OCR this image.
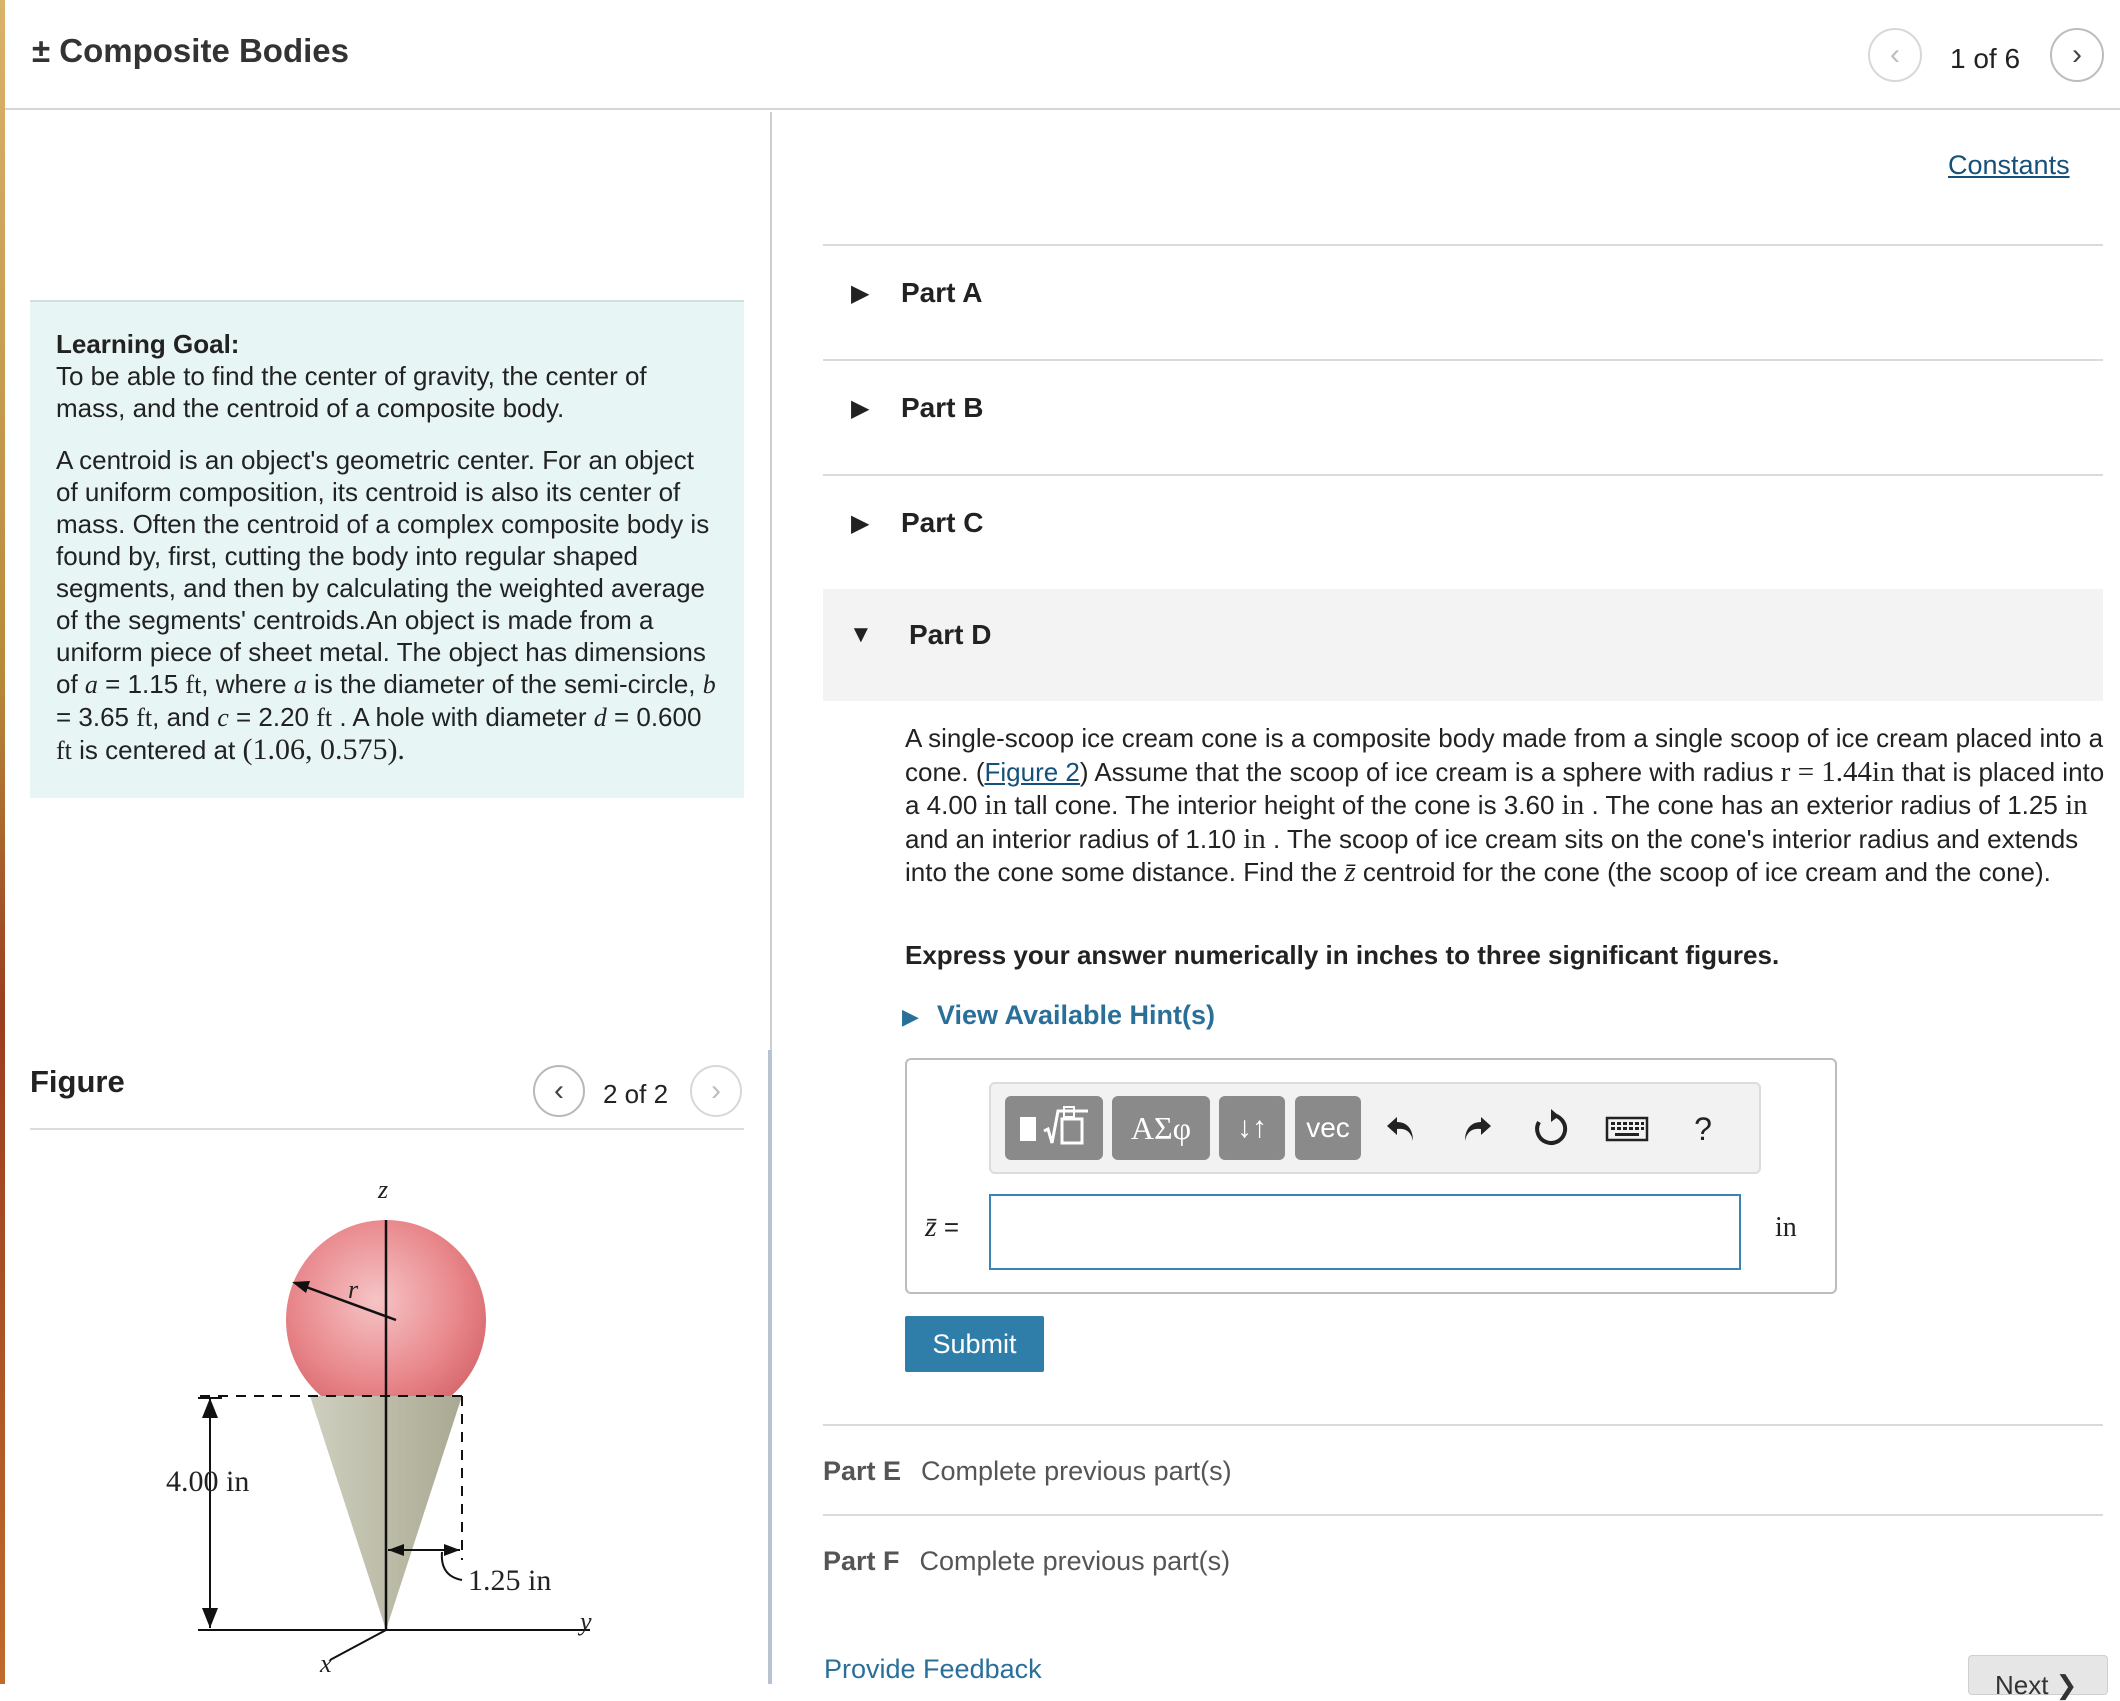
± Composite Bodies	‹ 1 of 6 ›
Learning Goal:
To be able to find the center of gravity, the center of mass, and the centroid of a composite body.
A centroid is an object's geometric center. For an object of uniform composition, its centroid is also its center of mass. Often the centroid of a complex composite body is found by, first, cutting the body into regular shaped segments, and then by calculating the weighted average of the segments' centroids.An object is made from a uniform piece of sheet metal. The object has dimensions of a = 1.15 ft, where a is the diameter of the semi-circle, b = 3.65 ft, and c = 2.20 ft . A hole with diameter d = 0.600 ft is centered at (1.06, 0.575).
Figure	‹ 2 of 2 ›
z
r
4.00 in
1.25 in
y
x
Constants
▶ Part A
▶ Part B
▶ Part C
▼ Part D
A single-scoop ice cream cone is a composite body made from a single scoop of ice cream placed into a cone. (Figure 2) Assume that the scoop of ice cream is a sphere with radius r = 1.44in that is placed into a 4.00 in tall cone. The interior height of the cone is 3.60 in . The cone has an exterior radius of 1.25 in and an interior radius of 1.10 in . The scoop of ice cream sits on the cone's interior radius and extends into the cone some distance. Find the z̄ centroid for the cone (the scoop of ice cream and the cone).
Express your answer numerically in inches to three significant figures.
▶ View Available Hint(s)
ΑΣφ	↓↑	vec	?
z̄ =	in
Submit
Part E Complete previous part(s)
Part F Complete previous part(s)
Provide Feedback
Next ❯
